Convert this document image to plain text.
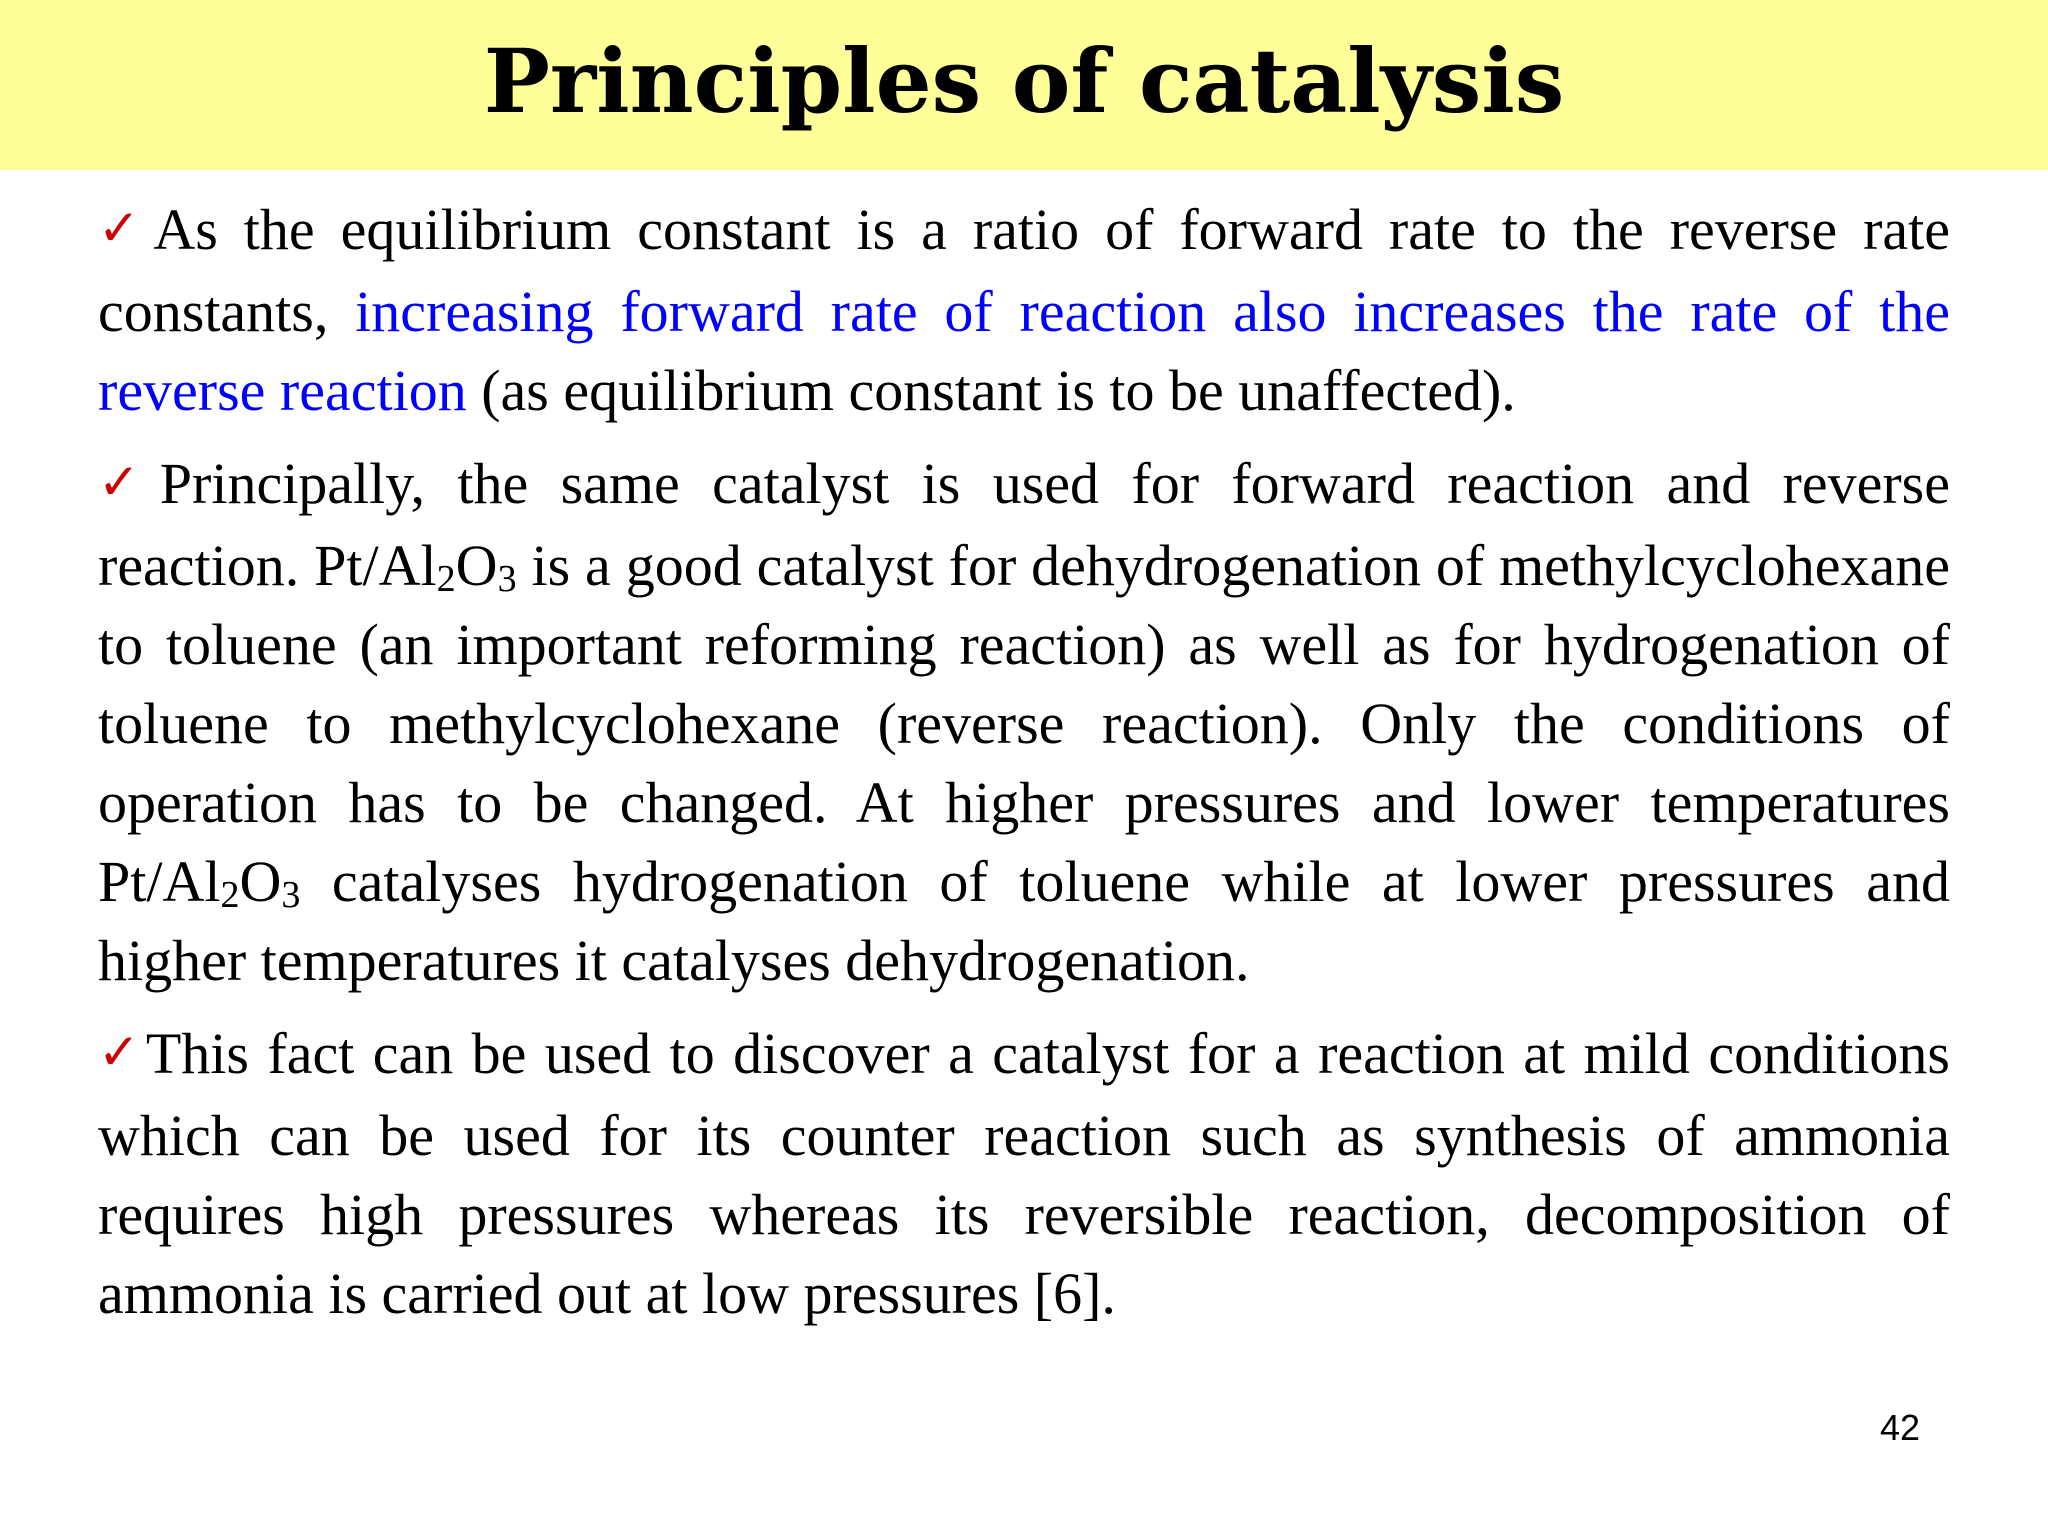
Principles of catalysis

✓As the equilibrium constant is a ratio of forward rate to the reverse rate constants, increasing forward rate of reaction also increases the rate of the reverse reaction (as equilibrium constant is to be unaffected).

✓Principally, the same catalyst is used for forward reaction and reverse reaction. $Pt/Al_2O_3$ is a good catalyst for dehydrogenation of methylcyclohexane to toluene (an important reforming reaction) as well as for hydrogenation of toluene to methylcyclohexane (reverse reaction). Only the conditions of operation has to be changed. At higher pressures and lower temperatures $Pt/Al_2O_3$ catalyses hydrogenation of toluene while at lower pressures and higher temperatures it catalyses dehydrogenation.

✓This fact can be used to discover a catalyst for a reaction at mild conditions which can be used for its counter reaction such as synthesis of ammonia requires high pressures whereas its reversible reaction, decomposition of ammonia is carried out at low pressures [6].

42
